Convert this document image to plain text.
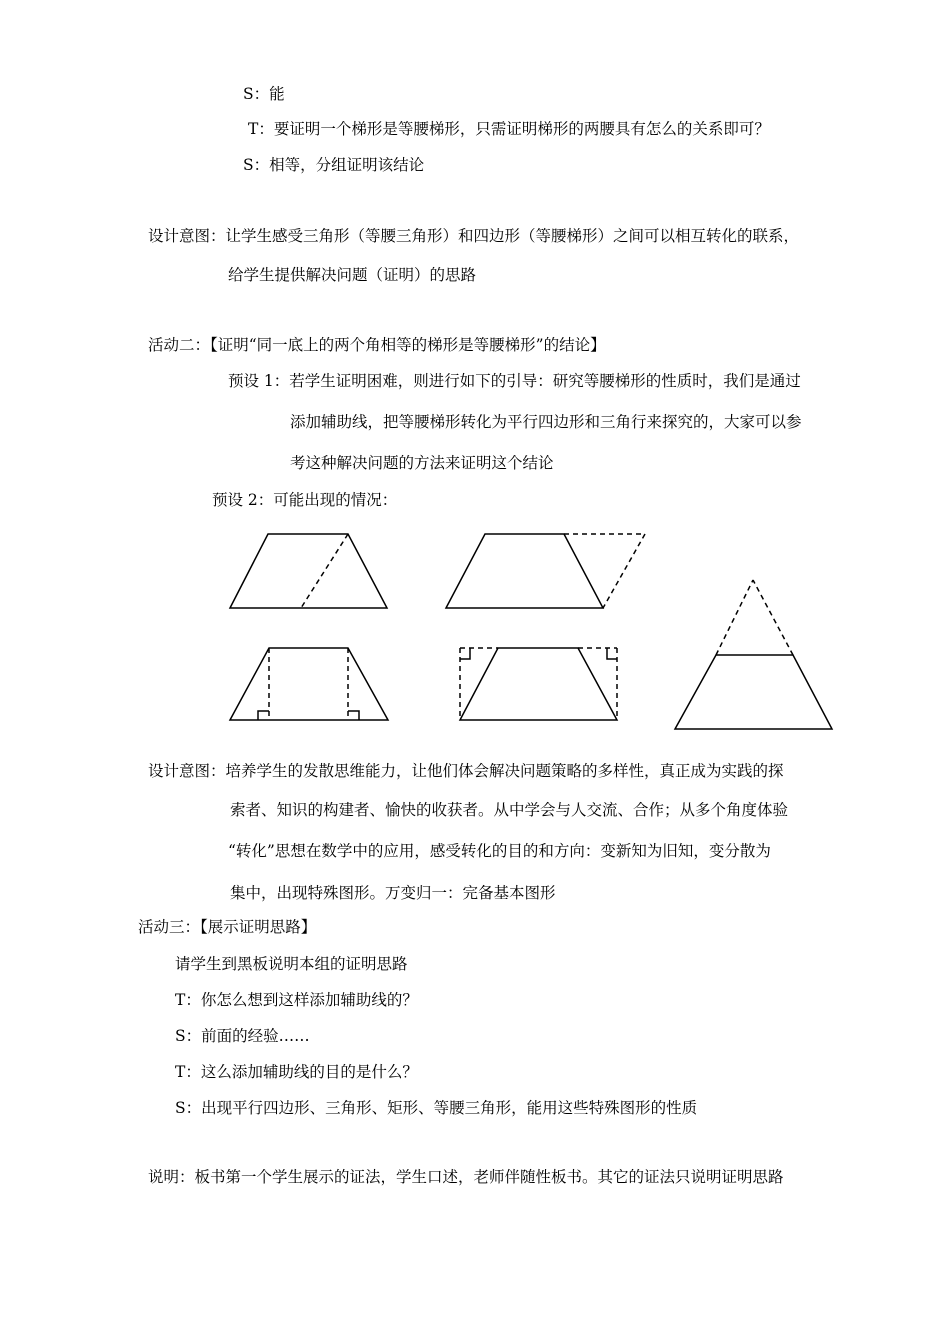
S：能
T：要证明一个梯形是等腰梯形，只需证明梯形的两腰具有怎么的关系即可？
S：相等，分组证明该结论
设计意图：让学生感受三角形（等腰三角形）和四边形（等腰梯形）之间可以相互转化的联系，
给学生提供解决问题（证明）的思路
活动二：【证明“同一底上的两个角相等的梯形是等腰梯形”的结论】
预设 1：若学生证明困难，则进行如下的引导：研究等腰梯形的性质时，我们是通过
添加辅助线，把等腰梯形转化为平行四边形和三角行来探究的，大家可以参
考这种解决问题的方法来证明这个结论
预设 2：可能出现的情况：
设计意图：培养学生的发散思维能力，让他们体会解决问题策略的多样性，真正成为实践的探
索者、知识的构建者、愉快的收获者。从中学会与人交流、合作；从多个角度体验
“转化”思想在数学中的应用，感受转化的目的和方向：变新知为旧知，变分散为
集中，出现特殊图形。万变归一：完备基本图形
活动三：【展示证明思路】
请学生到黑板说明本组的证明思路
T：你怎么想到这样添加辅助线的？
S：前面的经验……
T：这么添加辅助线的目的是什么？
S：出现平行四边形、三角形、矩形、等腰三角形，能用这些特殊图形的性质
说明：板书第一个学生展示的证法，学生口述，老师伴随性板书。其它的证法只说明证明思路
